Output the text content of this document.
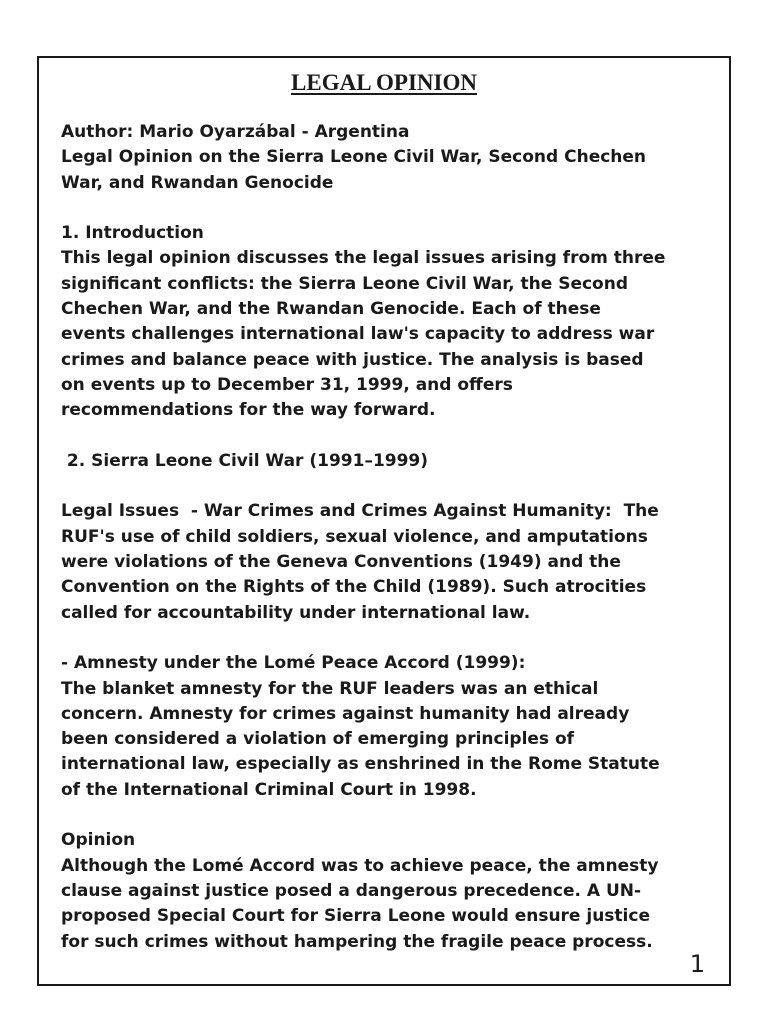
LEGAL OPINION

Author: Mario Oyarzábal - Argentina

Legal Opinion on the Sierra Leone Civil War, Second Chechen

War, and Rwandan Genocide

1. Introduction

This legal opinion discusses the legal issues arising from three

significant conflicts: the Sierra Leone Civil War, the Second

Chechen War, and the Rwandan Genocide. Each of these

events challenges international law's capacity to address war

crimes and balance peace with justice. The analysis is based

on events up to December 31, 1999, and offers

recommendations for the way forward.

2. Sierra Leone Civil War (1991–1999)

Legal Issues  - War Crimes and Crimes Against Humanity:  The

RUF's use of child soldiers, sexual violence, and amputations

were violations of the Geneva Conventions (1949) and the

Convention on the Rights of the Child (1989). Such atrocities

called for accountability under international law.

- Amnesty under the Lomé Peace Accord (1999):

The blanket amnesty for the RUF leaders was an ethical

concern. Amnesty for crimes against humanity had already

been considered a violation of emerging principles of

international law, especially as enshrined in the Rome Statute

of the International Criminal Court in 1998.

Opinion

Although the Lomé Accord was to achieve peace, the amnesty

clause against justice posed a dangerous precedence. A UN-

proposed Special Court for Sierra Leone would ensure justice

for such crimes without hampering the fragile peace process.

1
